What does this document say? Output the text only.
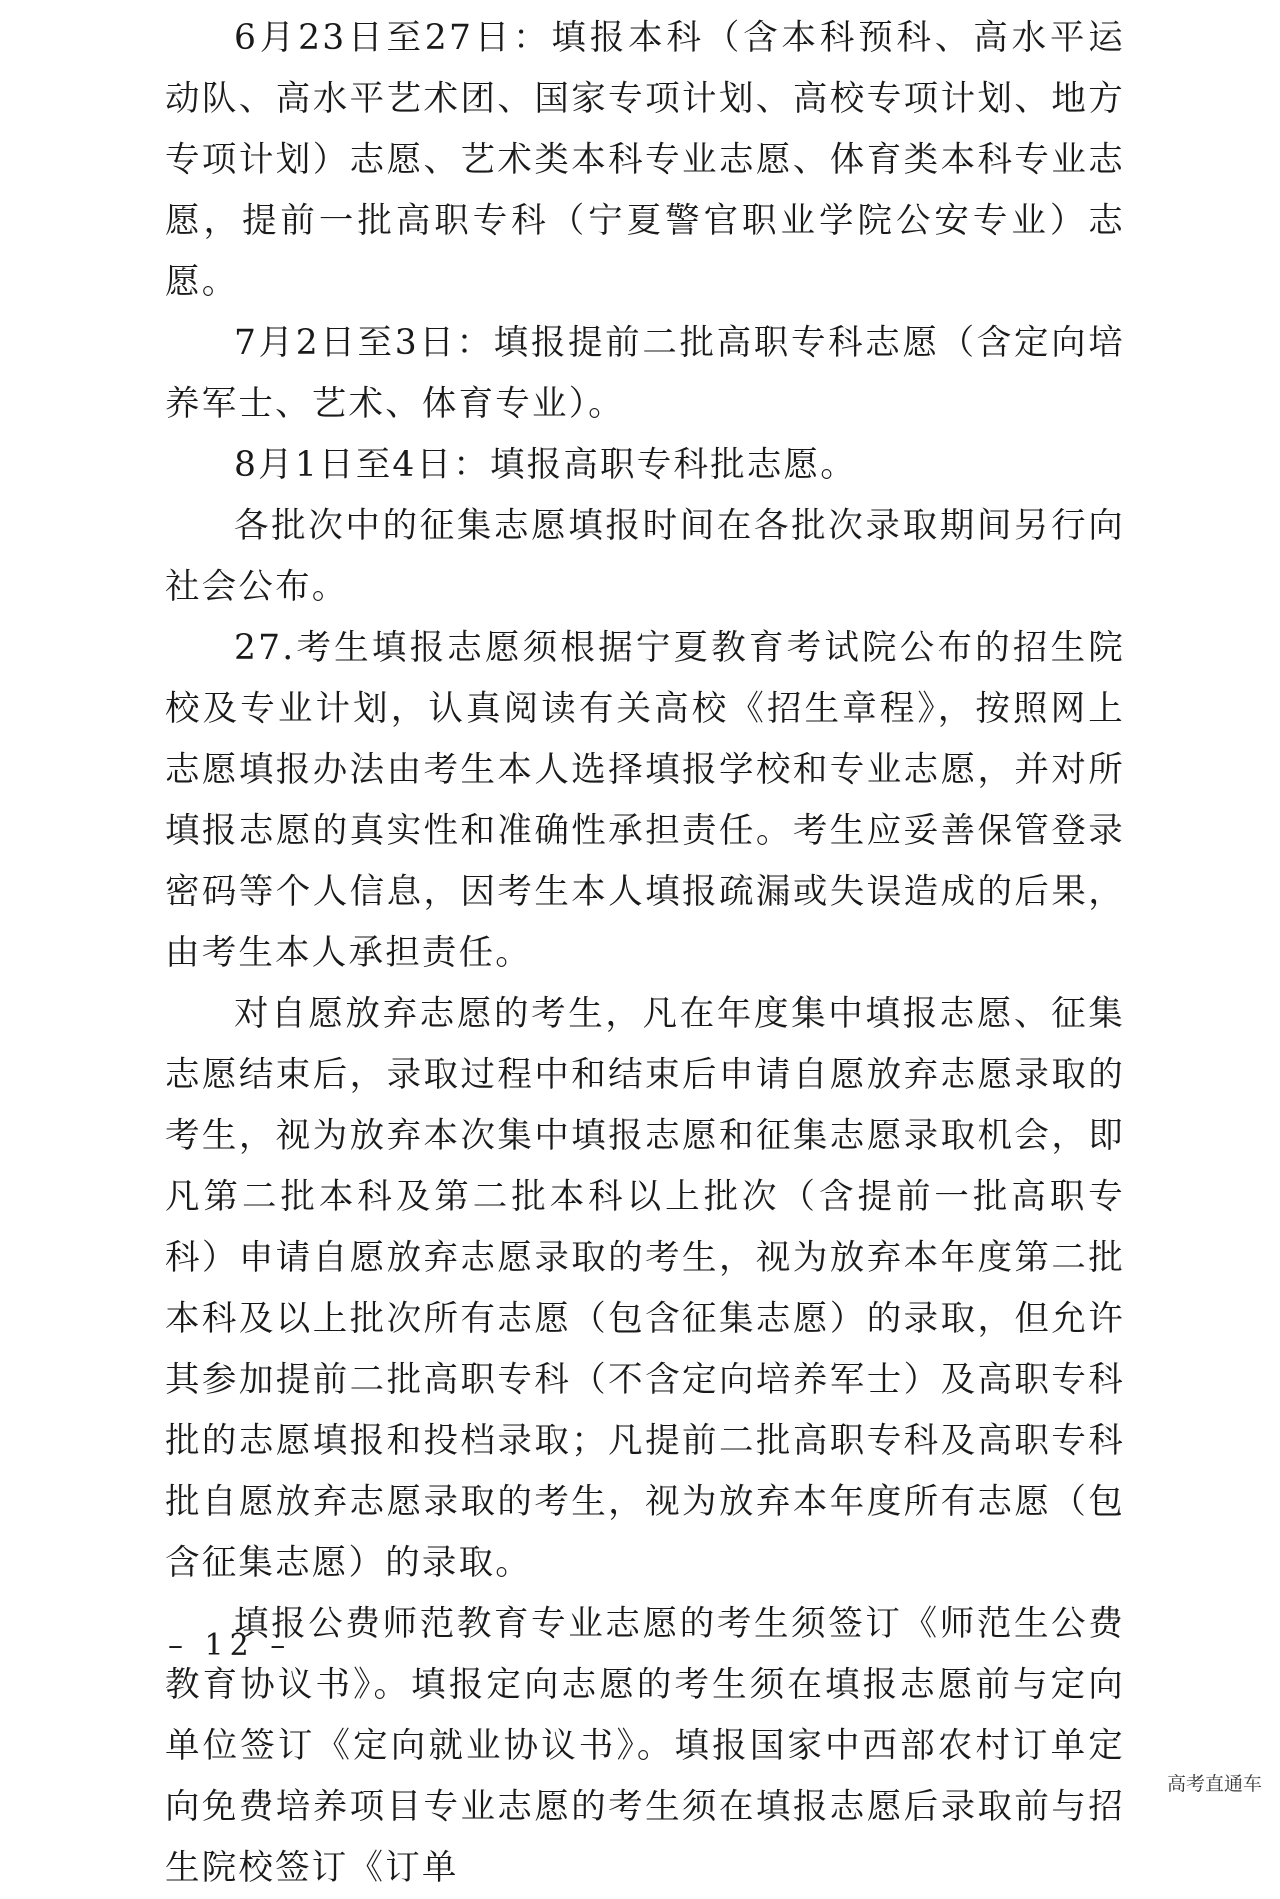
6月23日至27日：填报本科（含本科预科、高水平运动队、高水平艺术团、国家专项计划、高校专项计划、地方专项计划）志愿、艺术类本科专业志愿、体育类本科专业志愿，提前一批高职专科（宁夏警官职业学院公安专业）志愿。

7月2日至3日：填报提前二批高职专科志愿（含定向培养军士、艺术、体育专业）。

8月1日至4日：填报高职专科批志愿。

各批次中的征集志愿填报时间在各批次录取期间另行向社会公布。

27.考生填报志愿须根据宁夏教育考试院公布的招生院校及专业计划，认真阅读有关高校《招生章程》，按照网上志愿填报办法由考生本人选择填报学校和专业志愿，并对所填报志愿的真实性和准确性承担责任。考生应妥善保管登录密码等个人信息，因考生本人填报疏漏或失误造成的后果，由考生本人承担责任。

对自愿放弃志愿的考生，凡在年度集中填报志愿、征集志愿结束后，录取过程中和结束后申请自愿放弃志愿录取的考生，视为放弃本次集中填报志愿和征集志愿录取机会，即凡第二批本科及第二批本科以上批次（含提前一批高职专科）申请自愿放弃志愿录取的考生，视为放弃本年度第二批本科及以上批次所有志愿（包含征集志愿）的录取，但允许其参加提前二批高职专科（不含定向培养军士）及高职专科批的志愿填报和投档录取；凡提前二批高职专科及高职专科批自愿放弃志愿录取的考生，视为放弃本年度所有志愿（包含征集志愿）的录取。

填报公费师范教育专业志愿的考生须签订《师范生公费教育协议书》。填报定向志愿的考生须在填报志愿前与定向单位签订《定向就业协议书》。填报国家中西部农村订单定向免费培养项目专业志愿的考生须在填报志愿后录取前与招生院校签订《订单

– 12 –
高考直通车
